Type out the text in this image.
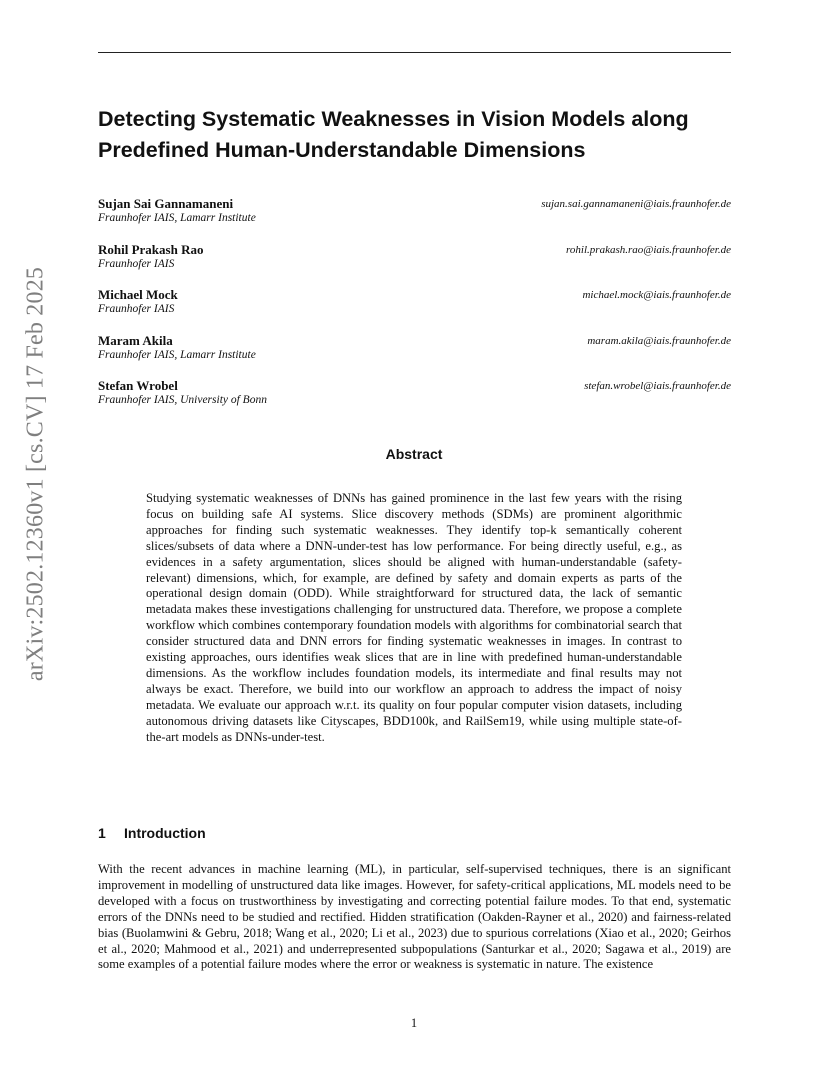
arXiv:2502.12360v1 [cs.CV] 17 Feb 2025
Detecting Systematic Weaknesses in Vision Models along Predefined Human-Understandable Dimensions
Sujan Sai Gannamaneni
Fraunhofer IAIS, Lamarr Institute
sujan.sai.gannamaneni@iais.fraunhofer.de
Rohil Prakash Rao
Fraunhofer IAIS
rohil.prakash.rao@iais.fraunhofer.de
Michael Mock
Fraunhofer IAIS
michael.mock@iais.fraunhofer.de
Maram Akila
Fraunhofer IAIS, Lamarr Institute
maram.akila@iais.fraunhofer.de
Stefan Wrobel
Fraunhofer IAIS, University of Bonn
stefan.wrobel@iais.fraunhofer.de
Abstract

Studying systematic weaknesses of DNNs has gained prominence in the last few years with the rising focus on building safe AI systems. Slice discovery methods (SDMs) are prominent algorithmic approaches for finding such systematic weaknesses. They identify top-k semantically coherent slices/subsets of data where a DNN-under-test has low performance. For being directly useful, e.g., as evidences in a safety argumentation, slices should be aligned with human-understandable (safety-relevant) dimensions, which, for example, are defined by safety and domain experts as parts of the operational design domain (ODD). While straightforward for structured data, the lack of semantic metadata makes these investigations challenging for unstructured data. Therefore, we propose a complete workflow which combines contemporary foundation models with algorithms for combinatorial search that consider structured data and DNN errors for finding systematic weaknesses in images. In contrast to existing approaches, ours identifies weak slices that are in line with predefined human-understandable dimensions. As the workflow includes foundation models, its intermediate and final results may not always be exact. Therefore, we build into our workflow an approach to address the impact of noisy metadata. We evaluate our approach w.r.t. its quality on four popular computer vision datasets, including autonomous driving datasets like Cityscapes, BDD100k, and RailSem19, while using multiple state-of-the-art models as DNNs-under-test.

1 Introduction

With the recent advances in machine learning (ML), in particular, self-supervised techniques, there is an significant improvement in modelling of unstructured data like images. However, for safety-critical applications, ML models need to be developed with a focus on trustworthiness by investigating and correcting potential failure modes. To that end, systematic errors of the DNNs need to be studied and rectified. Hidden stratification (Oakden-Rayner et al., 2020) and fairness-related bias (Buolamwini & Gebru, 2018; Wang et al., 2020; Li et al., 2023) due to spurious correlations (Xiao et al., 2020; Geirhos et al., 2020; Mahmood et al., 2021) and underrepresented subpopulations (Santurkar et al., 2020; Sagawa et al., 2019) are some examples of a potential failure modes where the error or weakness is systematic in nature. The existence

1
